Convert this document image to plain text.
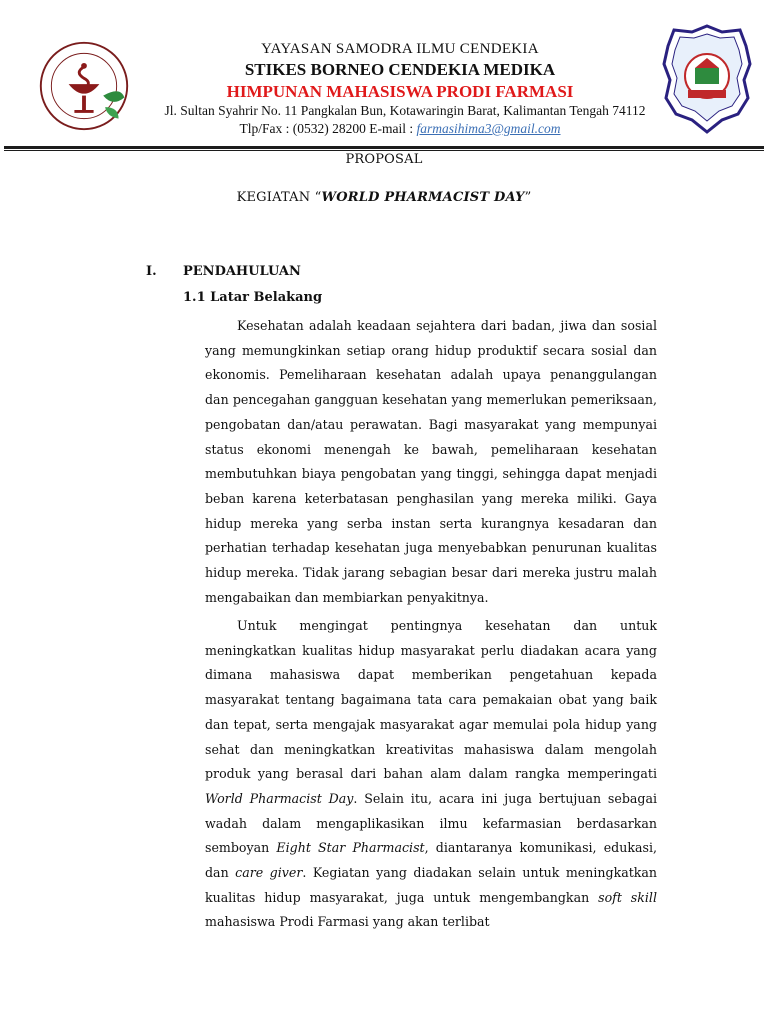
YAYASAN SAMODRA ILMU CENDEKIA
STIKES BORNEO CENDEKIA MEDIKA
HIMPUNAN MAHASISWA PRODI FARMASI
Jl. Sultan Syahrir No. 11 Pangkalan Bun, Kotawaringin Barat, Kalimantan Tengah 74112
Tlp/Fax : (0532) 28200 E-mail : farmasihima3@gmail.com
PROPOSAL
KEGIATAN “WORLD PHARMACIST DAY”
I. PENDAHULUAN
1.1 Latar Belakang

Kesehatan adalah keadaan sejahtera dari badan, jiwa dan sosial yang memungkinkan setiap orang hidup produktif secara sosial dan ekonomis. Pemeliharaan kesehatan adalah upaya penanggulangan dan pencegahan gangguan kesehatan yang memerlukan pemeriksaan, pengobatan dan/atau perawatan. Bagi masyarakat yang mempunyai status ekonomi menengah ke bawah, pemeliharaan kesehatan membutuhkan biaya pengobatan yang tinggi, sehingga dapat menjadi beban karena keterbatasan penghasilan yang mereka miliki. Gaya hidup mereka yang serba instan serta kurangnya kesadaran dan perhatian terhadap kesehatan juga menyebabkan penurunan kualitas hidup mereka. Tidak jarang sebagian besar dari mereka justru malah mengabaikan dan membiarkan penyakitnya.

Untuk mengingat pentingnya kesehatan dan untuk meningkatkan kualitas hidup masyarakat perlu diadakan acara yang dimana mahasiswa dapat memberikan pengetahuan kepada masyarakat tentang bagaimana tata cara pemakaian obat yang baik dan tepat, serta mengajak masyarakat agar memulai pola hidup yang sehat dan meningkatkan kreativitas mahasiswa dalam mengolah produk yang berasal dari bahan alam dalam rangka memperingati World Pharmacist Day. Selain itu, acara ini juga bertujuan sebagai wadah dalam mengaplikasikan ilmu kefarmasian berdasarkan semboyan Eight Star Pharmacist, diantaranya komunikasi, edukasi, dan care giver. Kegiatan yang diadakan selain untuk meningkatkan kualitas hidup masyarakat, juga untuk mengembangkan soft skill mahasiswa Prodi Farmasi yang akan terlibat
